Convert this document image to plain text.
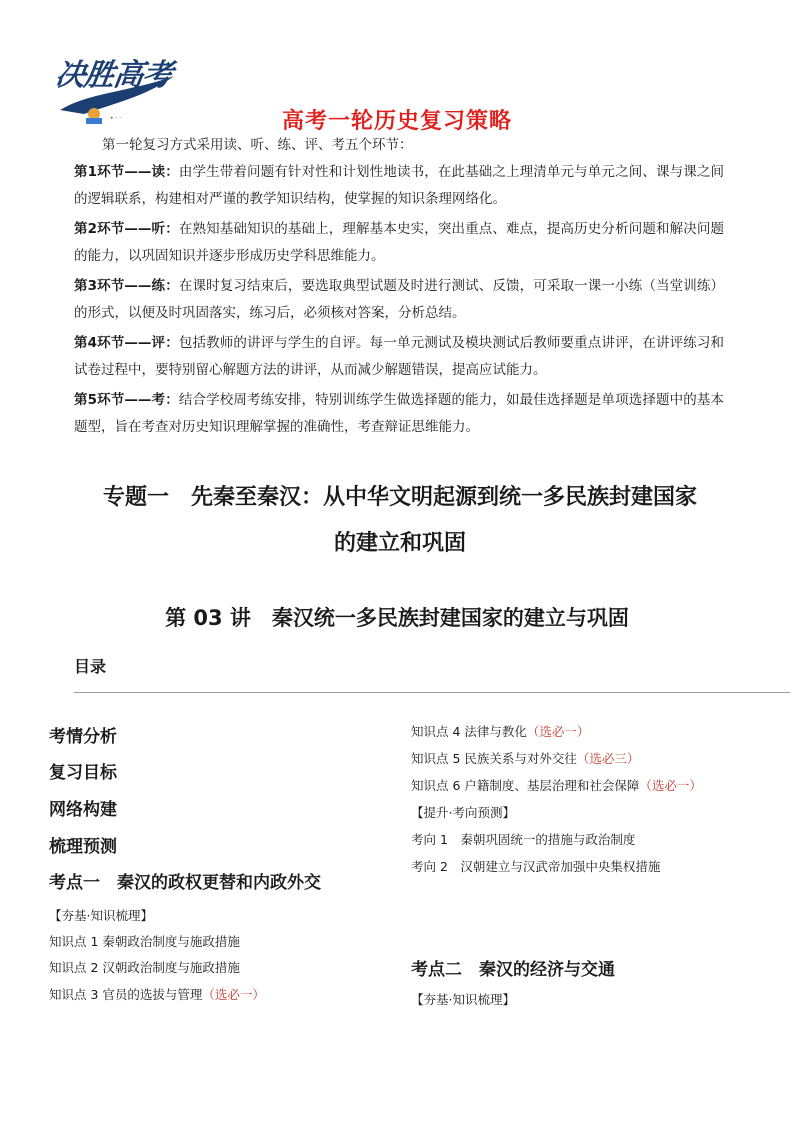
• · ·
决胜高考
高考一轮历史复习策略
第一轮复习方式采用读、听、练、评、考五个环节：
第1环节——读：由学生带着问题有针对性和计划性地读书，在此基础之上理清单元与单元之间、课与课之间的逻辑联系，构建相对严谨的教学知识结构，使掌握的知识条理网络化。
第2环节——听：在熟知基础知识的基础上，理解基本史实，突出重点、难点，提高历史分析问题和解决问题的能力，以巩固知识并逐步形成历史学科思维能力。
第3环节——练：在课时复习结束后，要选取典型试题及时进行测试、反馈，可采取一课一小练（当堂训练）的形式，以便及时巩固落实，练习后，必须核对答案，分析总结。
第4环节——评：包括教师的讲评与学生的自评。每一单元测试及模块测试后教师要重点讲评，在讲评练习和试卷过程中，要特别留心解题方法的讲评，从而减少解题错误，提高应试能力。
第5环节——考：结合学校周考练安排，特别训练学生做选择题的能力，如最佳选择题是单项选择题中的基本题型，旨在考查对历史知识理解掌握的准确性，考查辩证思维能力。
专题一　先秦至秦汉：从中华文明起源到统一多民族封建国家
的建立和巩固
第 03 讲　秦汉统一多民族封建国家的建立与巩固
目录
考情分析
复习目标
网络构建
梳理预测
考点一　秦汉的政权更替和内政外交
【夯基·知识梳理】
知识点 1 秦朝政治制度与施政措施
知识点 2 汉朝政治制度与施政措施
知识点 3 官员的选拔与管理（选必一）
知识点 4 法律与教化（选必一）
知识点 5 民族关系与对外交往（选必三）
知识点 6 户籍制度、基层治理和社会保障（选必一）
【提升·考向预测】
考向 1　秦朝巩固统一的措施与政治制度
考向 2　汉朝建立与汉武帝加强中央集权措施
考点二　秦汉的经济与交通
【夯基·知识梳理】
